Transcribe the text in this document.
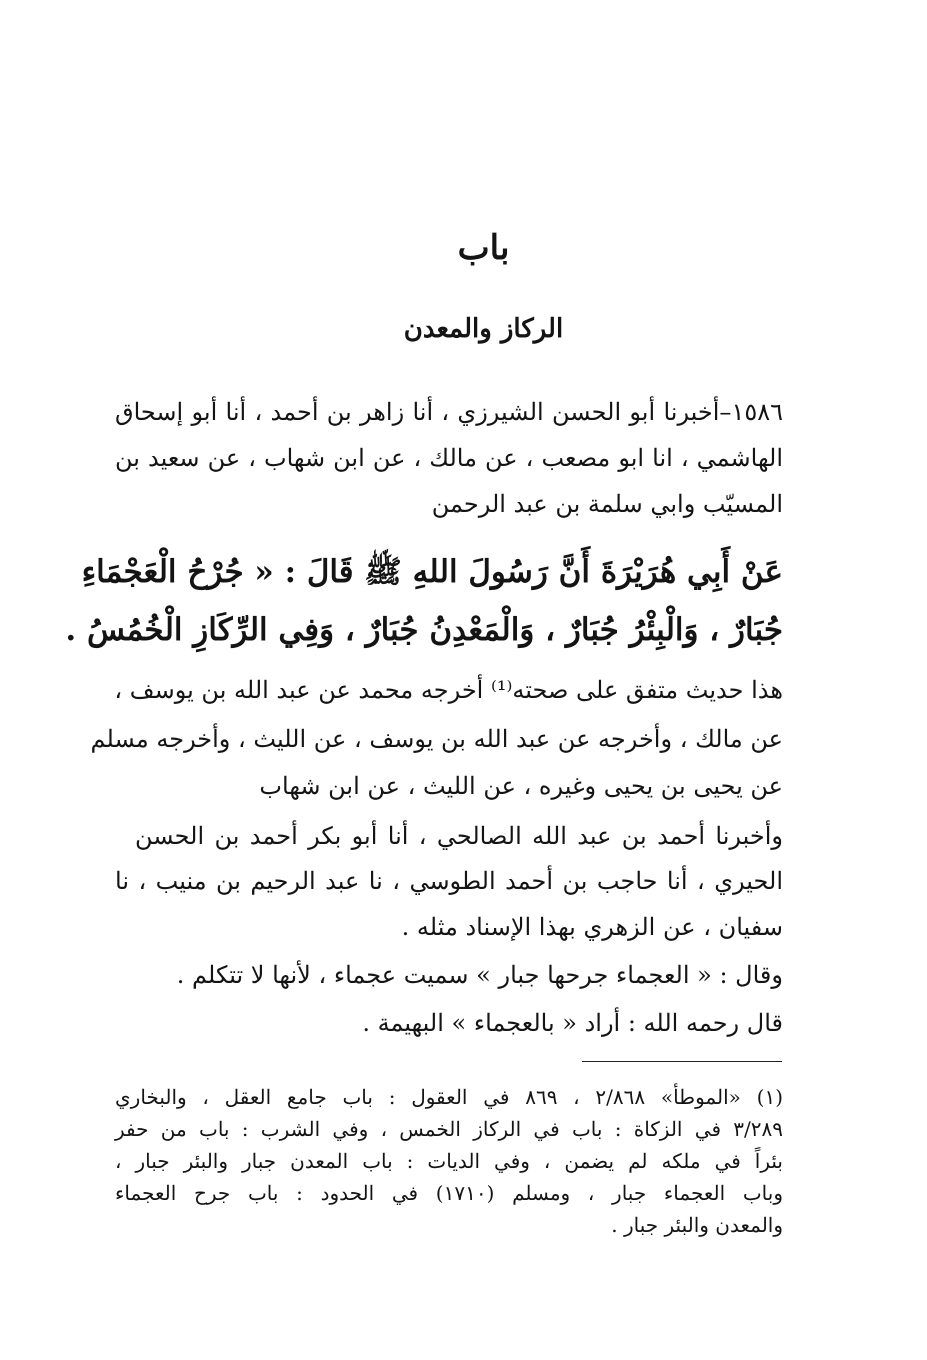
باب
الركاز والمعدن
١٥٨٦–أخبرنا أبو الحسن الشيرزي ، أنا زاهر بن أحمد ، أنا أبو إسحاق
الهاشمي ، انا ابو مصعب ، عن مالك ، عن ابن شهاب ، عن سعيد بن
المسيّب وابي سلمة بن عبد الرحمن
عَنْ أَبِي هُرَيْرَةَ أَنَّ رَسُولَ اللهِ ﷺ قَالَ : « جُرْحُ الْعَجْمَاءِ
جُبَارٌ ، وَالْبِئْرُ جُبَارٌ ، وَالْمَعْدِنُ جُبَارٌ ، وَفِي الرِّكَازِ الْخُمُسُ .
هذا حديث متفق على صحته⁽¹⁾ أخرجه محمد عن عبد الله بن يوسف ،
عن مالك ، وأخرجه عن عبد الله بن يوسف ، عن الليث ، وأخرجه مسلم
عن يحيى بن يحيى وغيره ، عن الليث ، عن ابن شهاب
وأخبرنا أحمد بن عبد الله الصالحي ، أنا أبو بكر أحمد بن الحسن
الحيري ، أنا حاجب بن أحمد الطوسي ، نا عبد الرحيم بن منيب ، نا
سفيان ، عن الزهري بهذا الإسناد مثله .
وقال : « العجماء جرحها جبار » سميت عجماء ، لأنها لا تتكلم .
قال رحمه الله : أراد « بالعجماء » البهيمة .
(١) «الموطأ» ٢/٨٦٨ ، ٨٦٩ في العقول : باب جامع العقل ، والبخاري
٣/٢٨٩ في الزكاة : باب في الركاز الخمس ، وفي الشرب : باب من حفر
بئراً في ملكه لم يضمن ، وفي الديات : باب المعدن جبار والبئر جبار ،
وباب العجماء جبار ، ومسلم (١٧١٠) في الحدود : باب جرح العجماء
والمعدن والبئر جبار .
